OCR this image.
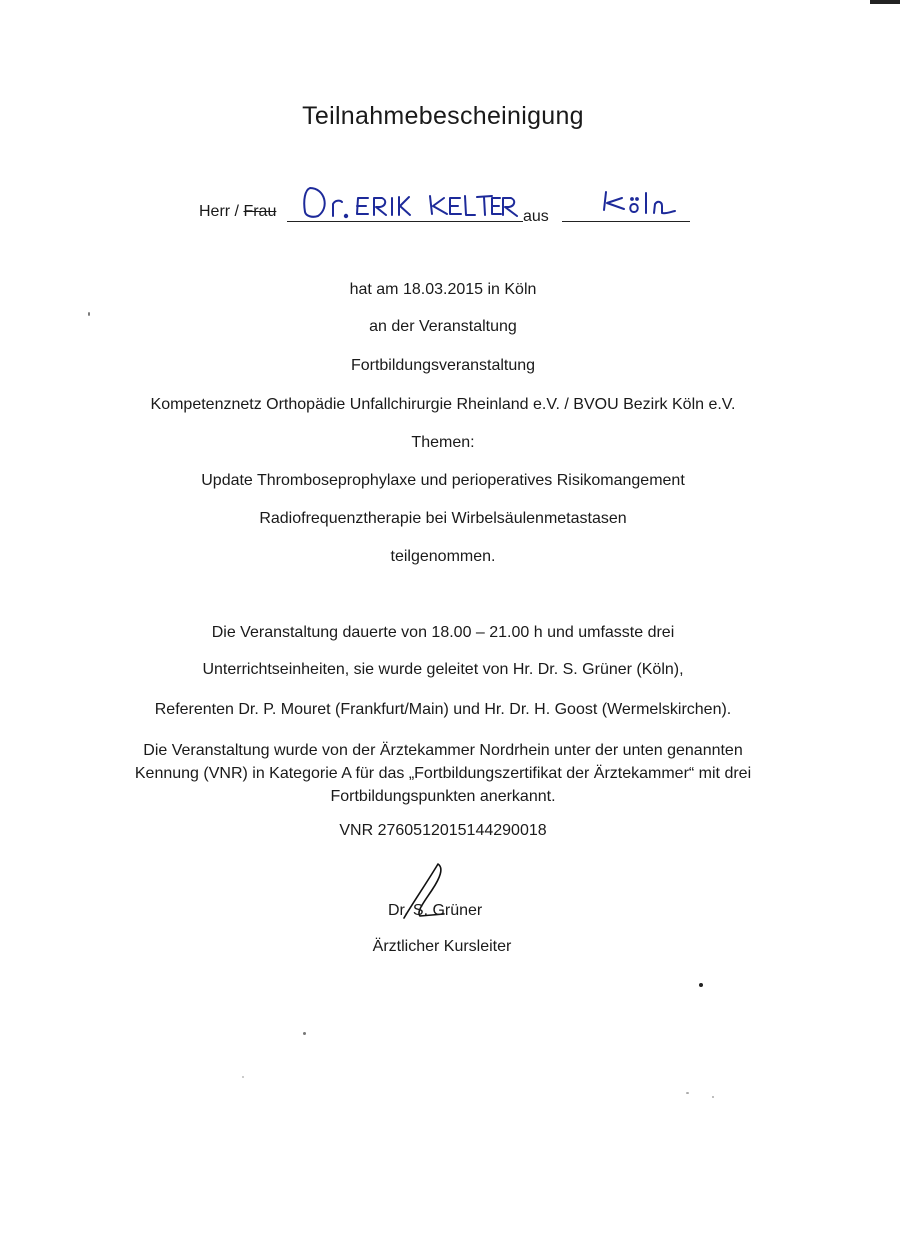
Teilnahmebescheinigung
Herr / Frau	aus
hat am 18.03.2015 in Köln
an der Veranstaltung
Fortbildungsveranstaltung
Kompetenznetz Orthopädie Unfallchirurgie Rheinland e.V. / BVOU Bezirk Köln e.V.
Themen:
Update Thromboseprophylaxe und perioperatives Risikomangement
Radiofrequenztherapie bei Wirbelsäulenmetastasen
teilgenommen.
Die Veranstaltung dauerte von 18.00 – 21.00 h und umfasste drei
Unterrichtseinheiten, sie wurde geleitet von Hr. Dr. S. Grüner (Köln),
Referenten Dr. P. Mouret (Frankfurt/Main) und Hr. Dr. H. Goost (Wermelskirchen).
Die Veranstaltung wurde von der Ärztekammer Nordrhein unter der unten genannten Kennung (VNR) in Kategorie A für das „Fortbildungszertifikat der Ärztekammer“ mit drei Fortbildungspunkten anerkannt.
VNR 2760512015144290018
Dr. S. Grüner
Ärztlicher Kursleiter
